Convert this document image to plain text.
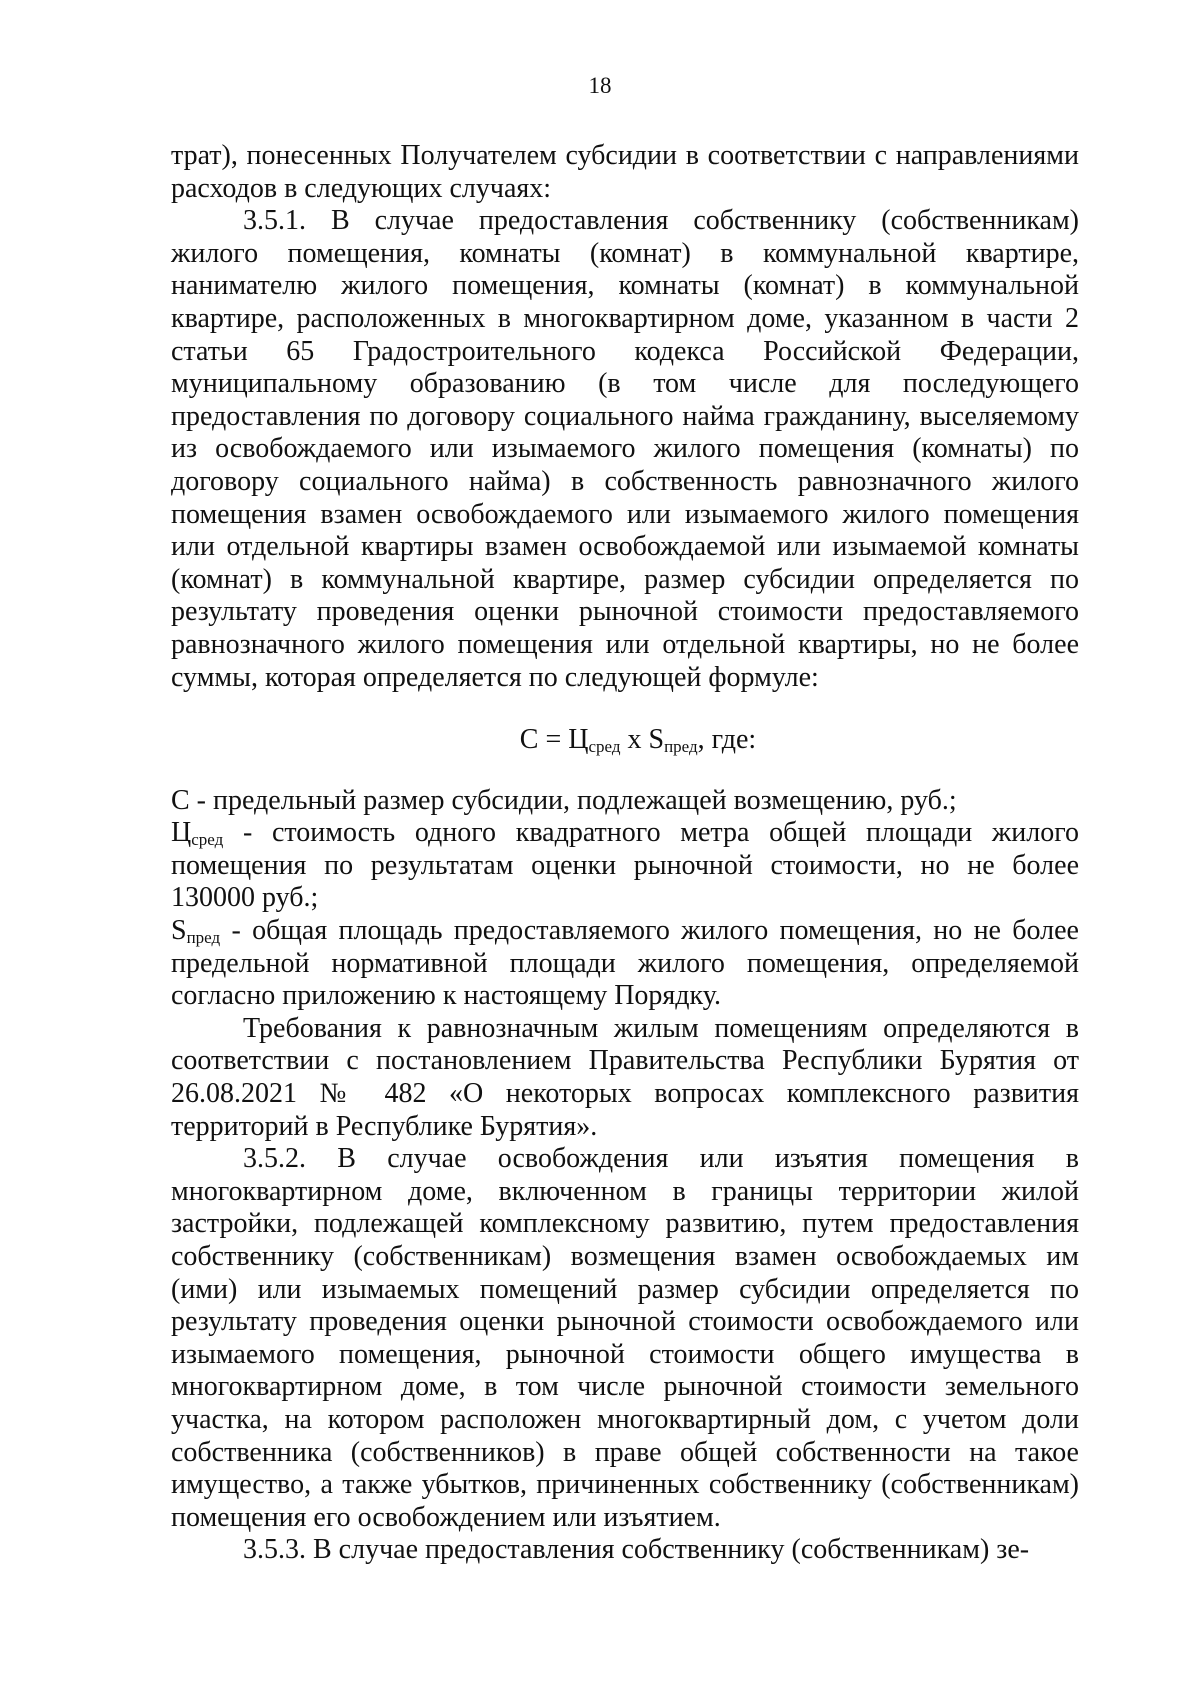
18

трат), понесенных Получателем субсидии в соответствии с направлениями расходов в следующих случаях:

3.5.1. В случае предоставления собственнику (собственникам) жилого помещения, комнаты (комнат) в коммунальной квартире, нанимателю жилого помещения, комнаты (комнат) в коммунальной квартире, расположенных в многоквартирном доме, указанном в части 2 статьи 65 Градостроительного кодекса Российской Федерации, муниципальному образованию (в том числе для последующего предоставления по договору социального найма гражданину, выселяемому из освобождаемого или изымаемого жилого помещения (комнаты) по договору социального найма) в собственность равнозначного жилого помещения взамен освобождаемого или изымаемого жилого помещения или отдельной квартиры взамен освобождаемой или изымаемой комнаты (комнат) в коммунальной квартире, размер субсидии определяется по результату проведения оценки рыночной стоимости предоставляемого равнозначного жилого помещения или отдельной квартиры, но не более суммы, которая определяется по следующей формуле:

$С = Ц_{сред}$ х $S_{пред}$, где:

С - предельный размер субсидии, подлежащей возмещению, руб.;

$Ц_{сред}$ - стоимость одного квадратного метра общей площади жилого помещения по результатам оценки рыночной стоимости, но не более 130000 руб.;

$S_{пред}$ - общая площадь предоставляемого жилого помещения, но не более предельной нормативной площади жилого помещения, определяемой согласно приложению к настоящему Порядку.

Требования к равнозначным жилым помещениям определяются в соответствии с постановлением Правительства Республики Бурятия от 26.08.2021 № 482 «О некоторых вопросах комплексного развития территорий в Республике Бурятия».

3.5.2. В случае освобождения или изъятия помещения в многоквартирном доме, включенном в границы территории жилой застройки, подлежащей комплексному развитию, путем предоставления собственнику (собственникам) возмещения взамен освобождаемых им (ими) или изымаемых помещений размер субсидии определяется по результату проведения оценки рыночной стоимости освобождаемого или изымаемого помещения, рыночной стоимости общего имущества в многоквартирном доме, в том числе рыночной стоимости земельного участка, на котором расположен многоквартирный дом, с учетом доли собственника (собственников) в праве общей собственности на такое имущество, а также убытков, причиненных собственнику (собственникам) помещения его освобождением или изъятием.

3.5.3. В случае предоставления собственнику (собственникам) зе-
